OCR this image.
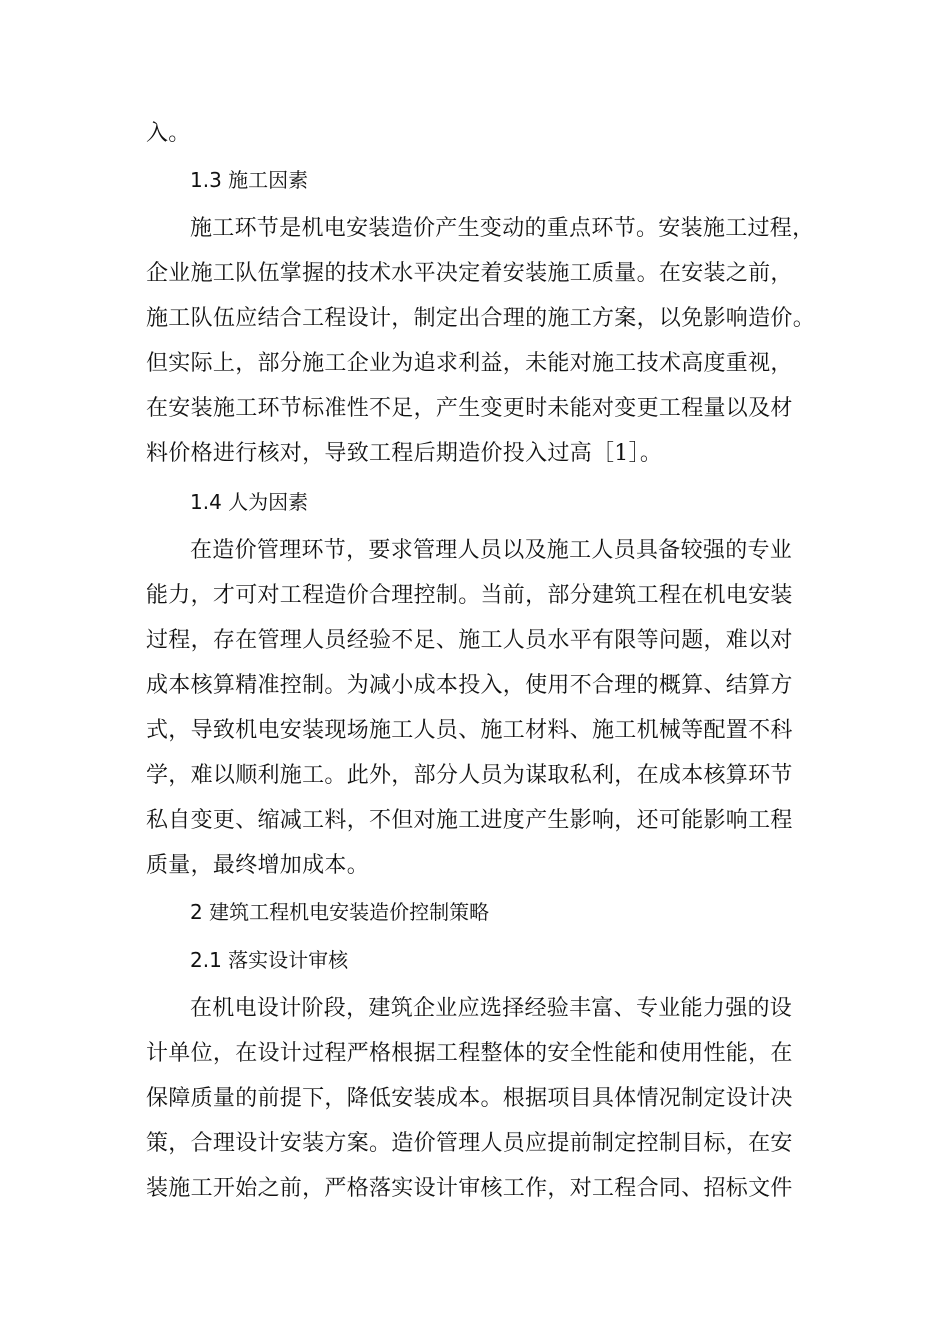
入。
1.3 施工因素
施工环节是机电安装造价产生变动的重点环节。安装施工过程，
企业施工队伍掌握的技术水平决定着安装施工质量。在安装之前，
施工队伍应结合工程设计，制定出合理的施工方案，以免影响造价。
但实际上，部分施工企业为追求利益，未能对施工技术高度重视，
在安装施工环节标准性不足，产生变更时未能对变更工程量以及材
料价格进行核对，导致工程后期造价投入过高［1］。
1.4 人为因素
在造价管理环节，要求管理人员以及施工人员具备较强的专业
能力，才可对工程造价合理控制。当前，部分建筑工程在机电安装
过程，存在管理人员经验不足、施工人员水平有限等问题，难以对
成本核算精准控制。为减小成本投入，使用不合理的概算、结算方
式，导致机电安装现场施工人员、施工材料、施工机械等配置不科
学，难以顺利施工。此外，部分人员为谋取私利，在成本核算环节
私自变更、缩减工料，不但对施工进度产生影响，还可能影响工程
质量，最终增加成本。
2 建筑工程机电安装造价控制策略
2.1 落实设计审核
在机电设计阶段，建筑企业应选择经验丰富、专业能力强的设
计单位，在设计过程严格根据工程整体的安全性能和使用性能，在
保障质量的前提下，降低安装成本。根据项目具体情况制定设计决
策，合理设计安装方案。造价管理人员应提前制定控制目标，在安
装施工开始之前，严格落实设计审核工作，对工程合同、招标文件
